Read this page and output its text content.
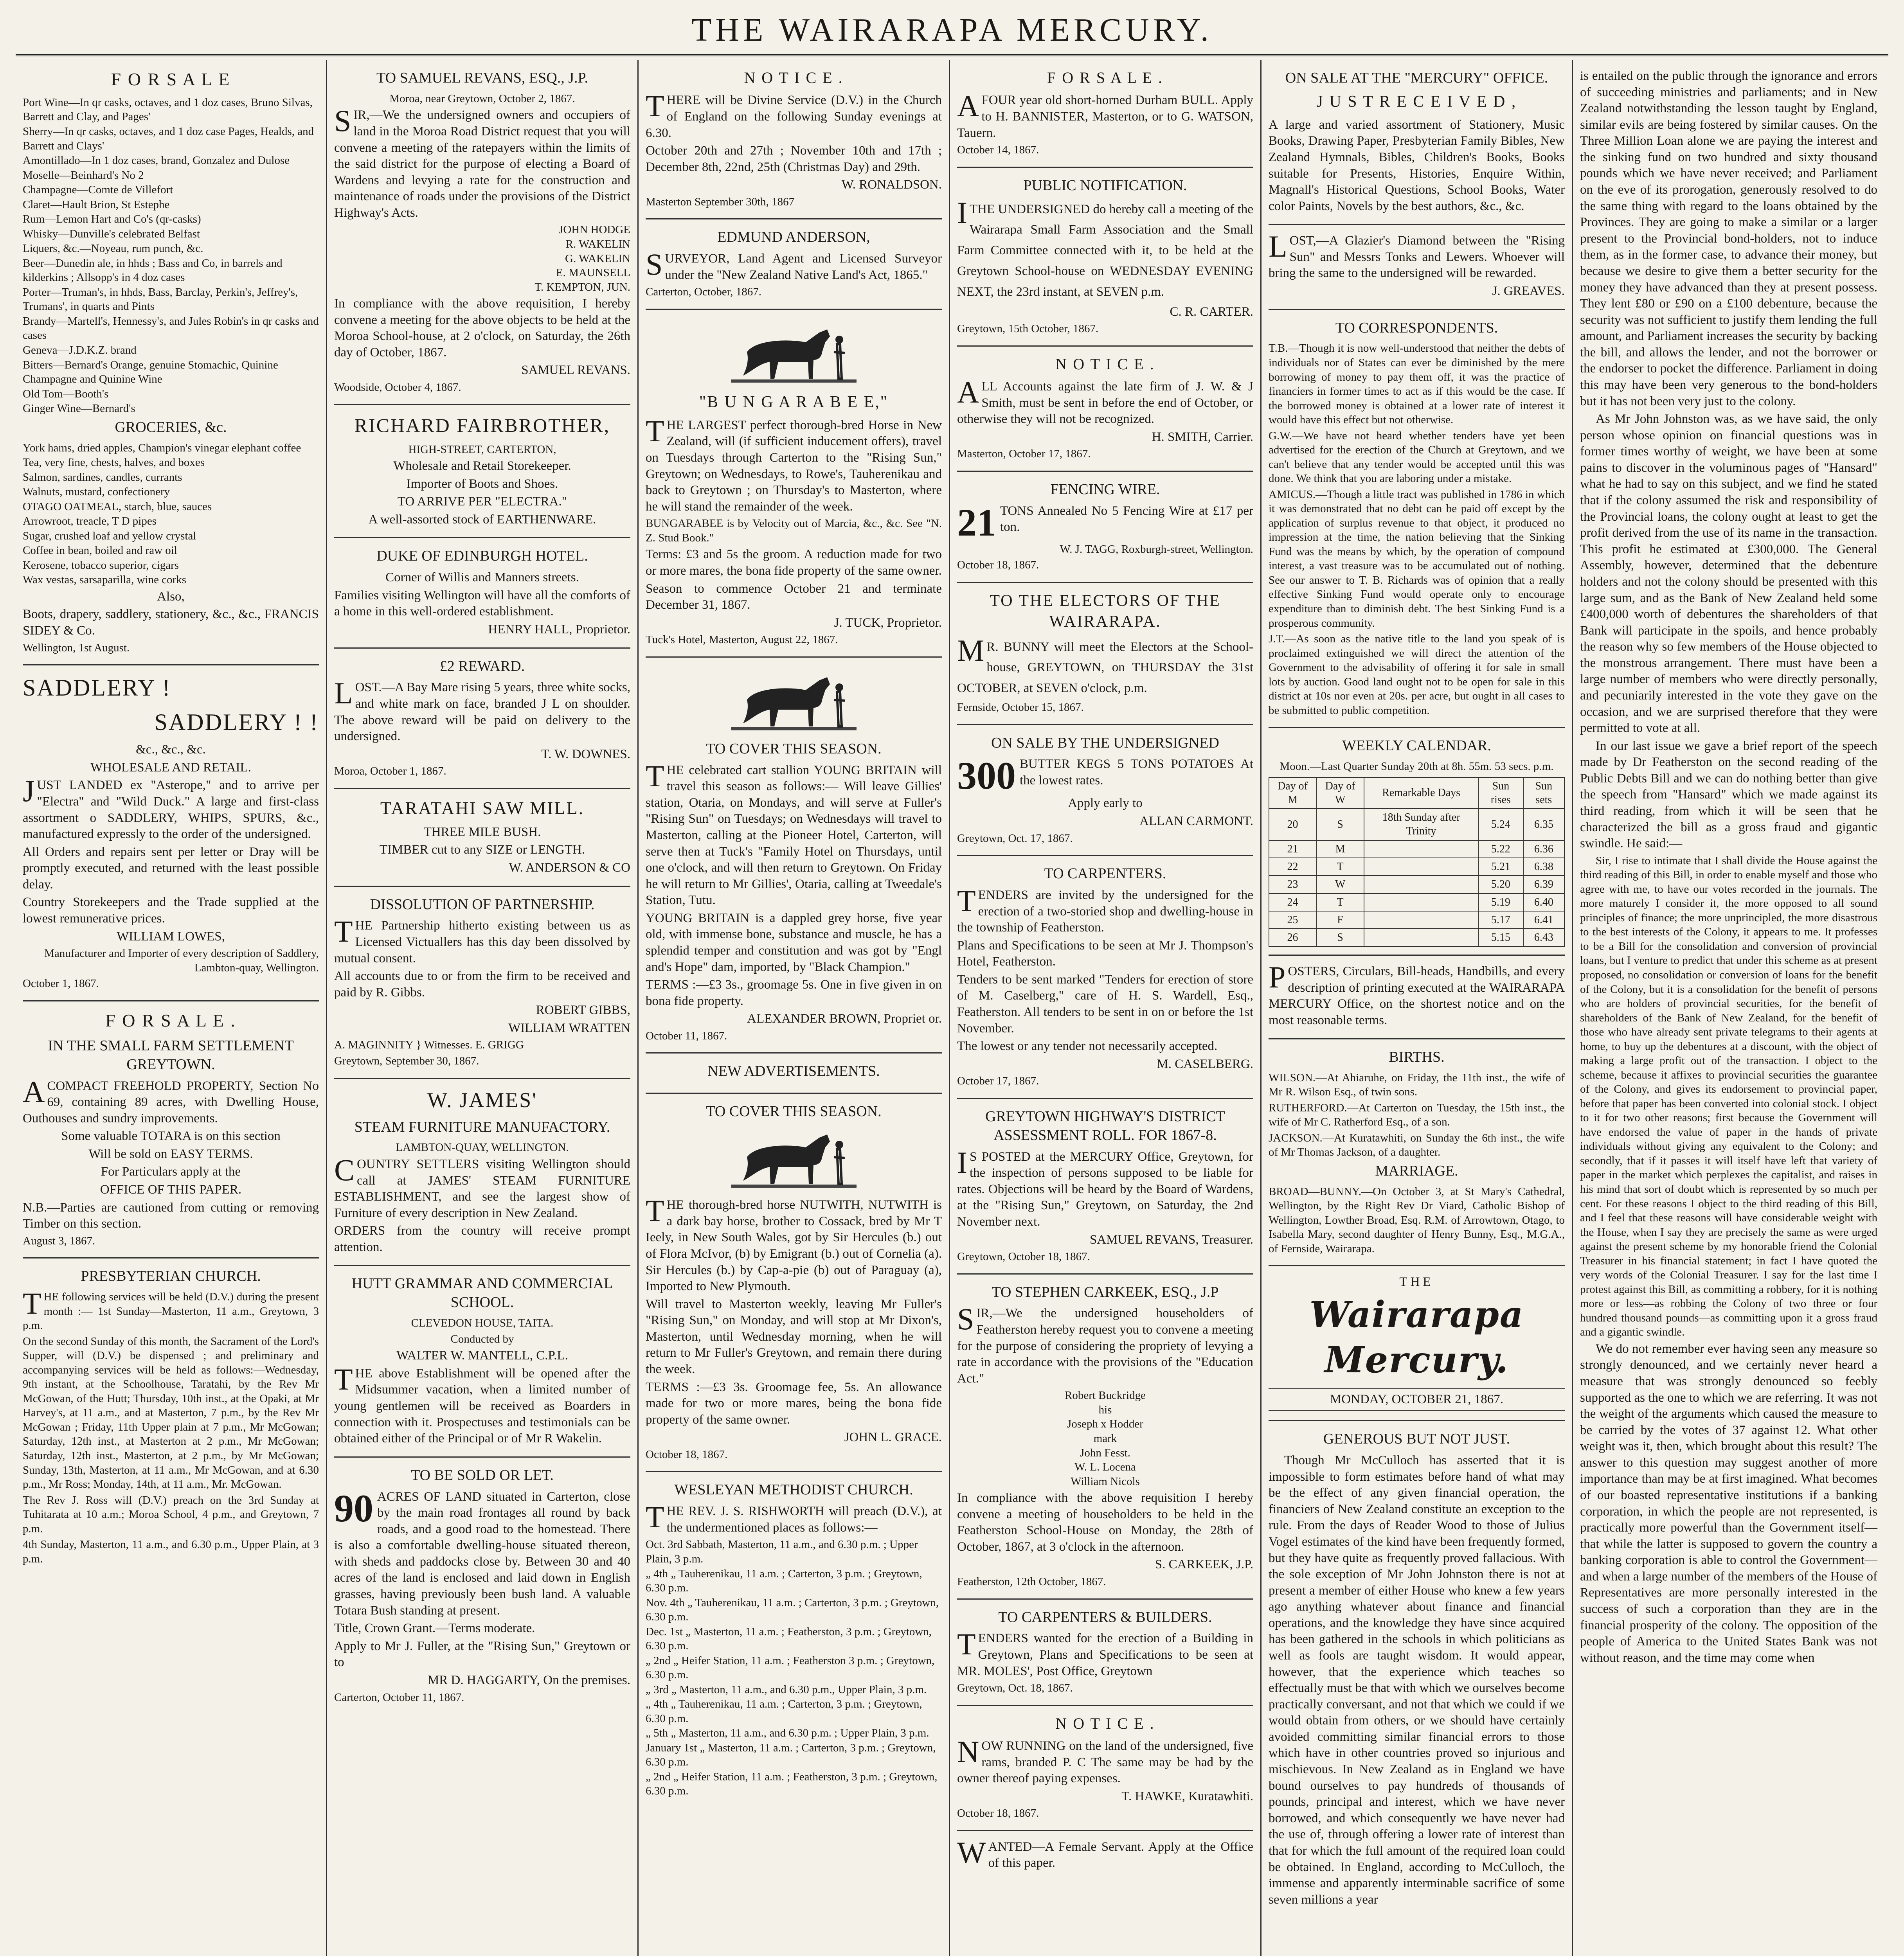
THE WAIRARAPA MERCURY.
F O R S A L E
Port Wine—In qr casks, octaves, and 1 doz cases, Bruno Silvas, Barrett and Clay, and Pages'
Sherry—In qr casks, octaves, and 1 doz case Pages, Healds, and Barrett and Clays'
Amontillado—In 1 doz cases, brand, Gonzalez and Dulose
Moselle—Beinhard's No 2
Champagne—Comte de Villefort
Claret—Hault Brion, St Estephe
Rum—Lemon Hart and Co's (qr-casks)
Whisky—Dunville's celebrated Belfast
Liquers, &c.—Noyeau, rum punch, &c.
Beer—Dunedin ale, in hhds ; Bass and Co, in barrels and kilderkins ; Allsopp's in 4 doz cases
Porter—Truman's, in hhds, Bass, Barclay, Perkin's, Jeffrey's, Trumans', in quarts and Pints
Brandy—Martell's, Hennessy's, and Jules Robin's in qr casks and cases
Geneva—J.D.K.Z. brand
Bitters—Bernard's Orange, genuine Stomachic, Quinine Champagne and Quinine Wine
Old Tom—Booth's
Ginger Wine—Bernard's
GROCERIES, &c.
York hams, dried apples, Champion's vinegar elephant coffee
Tea, very fine, chests, halves, and boxes
Salmon, sardines, candles, currants
Walnuts, mustard, confectionery
OTAGO OATMEAL, starch, blue, sauces
Arrowroot, treacle, T D pipes
Sugar, crushed loaf and yellow crystal
Coffee in bean, boiled and raw oil
Kerosene, tobacco superior, cigars
Wax vestas, sarsaparilla, wine corks

Also,

Boots, drapery, saddlery, stationery, &c., &c., FRANCIS SIDEY & Co.

Wellington, 1st August.

SADDLERY !
SADDLERY ! !

&c., &c., &c.

WHOLESALE AND RETAIL.

JUST LANDED ex "Asterope," and to arrive per "Electra" and "Wild Duck." A large and first-class assortment o SADDLERY, WHIPS, SPURS, &c., manufactured expressly to the order of the undersigned.

All Orders and repairs sent per letter or Dray will be promptly executed, and returned with the least possible delay.

Country Storekeepers and the Trade supplied at the lowest remunerative prices.

WILLIAM LOWES,

Manufacturer and Importer of every description of Saddlery, Lambton-quay, Wellington.

October 1, 1867.

F O R S A L E .
IN THE SMALL FARM SETTLEMENT GREYTOWN.

ACOMPACT FREEHOLD PROPERTY, Section No 69, containing 89 acres, with Dwelling House, Outhouses and sundry improvements.

Some valuable TOTARA is on this section

Will be sold on EASY TERMS.

For Particulars apply at the

OFFICE OF THIS PAPER.

N.B.—Parties are cautioned from cutting or removing Timber on this section.

August 3, 1867.

PRESBYTERIAN CHURCH.

THE following services will be held (D.V.) during the present month :— 1st Sunday—Masterton, 11 a.m., Greytown, 3 p.m.

On the second Sunday of this month, the Sacrament of the Lord's Supper, will (D.V.) be dispensed ; and preliminary and accompanying services will be held as follows:—Wednesday, 9th instant, at the Schoolhouse, Taratahi, by the Rev Mr McGowan, of the Hutt; Thursday, 10th inst., at the Opaki, at Mr Harvey's, at 11 a.m., and at Masterton, 7 p.m., by the Rev Mr McGowan ; Friday, 11th Upper plain at 7 p.m., Mr McGowan; Saturday, 12th inst., at Masterton at 2 p.m., Mr McGowan; Saturday, 12th inst., Masterton, at 2 p.m., by Mr McGowan; Sunday, 13th, Masterton, at 11 a.m., Mr McGowan, and at 6.30 p.m., Mr Ross; Monday, 14th, at 11 a.m., Mr. McGowan.

The Rev J. Ross will (D.V.) preach on the 3rd Sunday at Tuhitarata at 10 a.m.; Moroa School, 4 p.m., and Greytown, 7 p.m.

4th Sunday, Masterton, 11 a.m., and 6.30 p.m., Upper Plain, at 3 p.m.

TO SAMUEL REVANS, ESQ., J.P.

Moroa, near Greytown, October 2, 1867.

SIR,—We the undersigned owners and occupiers of land in the Moroa Road District request that you will convene a meeting of the ratepayers within the limits of the said district for the purpose of electing a Board of Wardens and levying a rate for the construction and maintenance of roads under the provisions of the District Highway's Acts.

JOHN HODGE
R. WAKELIN
G. WAKELIN
E. MAUNSELL
T. KEMPTON, JUN.

In compliance with the above requisition, I hereby convene a meeting for the above objects to be held at the Moroa School-house, at 2 o'clock, on Saturday, the 26th day of October, 1867.

SAMUEL REVANS.

Woodside, October 4, 1867.

RICHARD FAIRBROTHER,

HIGH-STREET, CARTERTON,

Wholesale and Retail Storekeeper.

Importer of Boots and Shoes.

TO ARRIVE PER "ELECTRA."

A well-assorted stock of EARTHENWARE.

DUKE OF EDINBURGH HOTEL.

Corner of Willis and Manners streets.

Families visiting Wellington will have all the comforts of a home in this well-ordered establishment.

HENRY HALL, Proprietor.

£2 REWARD.

LOST.—A Bay Mare rising 5 years, three white socks, and white mark on face, branded J L on shoulder. The above reward will be paid on delivery to the undersigned.

T. W. DOWNES.

Moroa, October 1, 1867.

TARATAHI SAW MILL.

THREE MILE BUSH.

TIMBER cut to any SIZE or LENGTH.

W. ANDERSON & CO

DISSOLUTION OF PARTNERSHIP.

THE Partnership hitherto existing between us as Licensed Victuallers has this day been dissolved by mutual consent.

All accounts due to or from the firm to be received and paid by R. Gibbs.

ROBERT GIBBS,

WILLIAM WRATTEN

A. MAGINNITY } Witnesses. E. GRIGG

Greytown, September 30, 1867.

W. JAMES'
STEAM FURNITURE MANUFACTORY.

LAMBTON-QUAY, WELLINGTON.

COUNTRY SETTLERS visiting Wellington should call at JAMES' STEAM FURNITURE ESTABLISHMENT, and see the largest show of Furniture of every description in New Zealand.

ORDERS from the country will receive prompt attention.

HUTT GRAMMAR AND COMMERCIAL SCHOOL.

CLEVEDON HOUSE, TAITA.

Conducted by

WALTER W. MANTELL, C.P.L.

THE above Establishment will be opened after the Midsummer vacation, when a limited number of young gentlemen will be received as Boarders in connection with it. Prospectuses and testimonials can be obtained either of the Principal or of Mr R Wakelin.

TO BE SOLD OR LET.

90 ACRES OF LAND situated in Carterton, close by the main road frontages all round by back roads, and a good road to the homestead. There is also a comfortable dwelling-house situated thereon, with sheds and paddocks close by. Between 30 and 40 acres of the land is enclosed and laid down in English grasses, having previously been bush land. A valuable Totara Bush standing at present.

Title, Crown Grant.—Terms moderate.

Apply to Mr J. Fuller, at the "Rising Sun," Greytown or to

MR D. HAGGARTY, On the premises.

Carterton, October 11, 1867.

N O T I C E .

THERE will be Divine Service (D.V.) in the Church of England on the following Sunday evenings at 6.30.

October 20th and 27th ; November 10th and 17th ; December 8th, 22nd, 25th (Christmas Day) and 29th.

W. RONALDSON.

Masterton September 30th, 1867

EDMUND ANDERSON,

SURVEYOR, Land Agent and Licensed Surveyor under the "New Zealand Native Land's Act, 1865."

Carterton, October, 1867.

"B U N G A R A B E E,"

THE LARGEST perfect thorough-bred Horse in New Zealand, will (if sufficient inducement offers), travel on Tuesdays through Carterton to the "Rising Sun," Greytown; on Wednesdays, to Rowe's, Tauherenikau and back to Greytown ; on Thursday's to Masterton, where he will stand the remainder of the week.

BUNGARABEE is by Velocity out of Marcia, &c., &c. See "N. Z. Stud Book."

Terms: £3 and 5s the groom. A reduction made for two or more mares, the bona fide property of the same owner.

Season to commence October 21 and terminate December 31, 1867.

J. TUCK, Proprietor.

Tuck's Hotel, Masterton, August 22, 1867.

TO COVER THIS SEASON.

THE celebrated cart stallion YOUNG BRITAIN will travel this season as follows:— Will leave Gillies' station, Otaria, on Mondays, and will serve at Fuller's "Rising Sun" on Tuesdays; on Wednesdays will travel to Masterton, calling at the Pioneer Hotel, Carterton, will serve then at Tuck's "Family Hotel on Thursdays, until one o'clock, and will then return to Greytown. On Friday he will return to Mr Gillies', Otaria, calling at Tweedale's Station, Tutu.

YOUNG BRITAIN is a dappled grey horse, five year old, with immense bone, substance and muscle, he has a splendid temper and constitution and was got by "Engl and's Hope" dam, imported, by "Black Champion."

TERMS :—£3 3s., groomage 5s. One in five given in on bona fide property.

ALEXANDER BROWN, Propriet or.

October 11, 1867.

NEW ADVERTISEMENTS.
TO COVER THIS SEASON.

THE thorough-bred horse NUTWITH, NUTWITH is a dark bay horse, brother to Cossack, bred by Mr T Ieely, in New South Wales, got by Sir Hercules (b.) out of Flora McIvor, (b) by Emigrant (b.) out of Cornelia (a). Sir Hercules (b.) by Cap-a-pie (b) out of Paraguay (a), Imported to New Plymouth.

Will travel to Masterton weekly, leaving Mr Fuller's "Rising Sun," on Monday, and will stop at Mr Dixon's, Masterton, until Wednesday morning, when he will return to Mr Fuller's Greytown, and remain there during the week.

TERMS :—£3 3s. Groomage fee, 5s. An allowance made for two or more mares, being the bona fide property of the same owner.

JOHN L. GRACE.

October 18, 1867.

WESLEYAN METHODIST CHURCH.

THE REV. J. S. RISHWORTH will preach (D.V.), at the undermentioned places as follows:—

Oct. 3rd Sabbath, Masterton, 11 a.m., and 6.30 p.m. ; Upper Plain, 3 p.m.
„ 4th „ Tauherenikau, 11 a.m. ; Carterton, 3 p.m. ; Greytown, 6.30 p.m.
Nov. 4th „ Tauherenikau, 11 a.m. ; Carterton, 3 p.m. ; Greytown, 6.30 p.m.
Dec. 1st „ Masterton, 11 a.m. ; Featherston, 3 p.m. ; Greytown, 6.30 p.m.
„ 2nd „ Heifer Station, 11 a.m. ; Featherston 3 p.m. ; Greytown, 6.30 p.m.
„ 3rd „ Masterton, 11 a.m., and 6.30 p.m., Upper Plain, 3 p.m.
„ 4th „ Tauherenikau, 11 a.m. ; Carterton, 3 p.m. ; Greytown, 6.30 p.m.
„ 5th „ Masterton, 11 a.m., and 6.30 p.m. ; Upper Plain, 3 p.m.
January 1st „ Masterton, 11 a.m. ; Carterton, 3 p.m. ; Greytown, 6.30 p.m.
„ 2nd „ Heifer Station, 11 a.m. ; Featherston, 3 p.m. ; Greytown, 6.30 p.m.
F O R S A L E .

AFOUR year old short-horned Durham BULL. Apply to H. BANNISTER, Masterton, or to G. WATSON, Tauern.

October 14, 1867.

PUBLIC NOTIFICATION.

ITHE UNDERSIGNED do hereby call a meeting of the Wairarapa Small Farm Association and the Small Farm Committee connected with it, to be held at the Greytown School-house on WEDNESDAY EVENING NEXT, the 23rd instant, at SEVEN p.m.

C. R. CARTER.

Greytown, 15th October, 1867.

N O T I C E .

ALL Accounts against the late firm of J. W. & J Smith, must be sent in before the end of October, or otherwise they will not be recognized.

H. SMITH, Carrier.

Masterton, October 17, 1867.

FENCING WIRE.

21 TONS Annealed No 5 Fencing Wire at £17 per ton.

W. J. TAGG, Roxburgh-street, Wellington.

October 18, 1867.

TO THE ELECTORS OF THE WAIRARAPA.

MR. BUNNY will meet the Electors at the School-house, GREYTOWN, on THURSDAY the 31st OCTOBER, at SEVEN o'clock, p.m.

Fernside, October 15, 1867.

ON SALE BY THE UNDERSIGNED

300 BUTTER KEGS 5 TONS POTATOES At the lowest rates.

Apply early to

ALLAN CARMONT.

Greytown, Oct. 17, 1867.

TO CARPENTERS.

TENDERS are invited by the undersigned for the erection of a two-storied shop and dwelling-house in the township of Featherston.

Plans and Specifications to be seen at Mr J. Thompson's Hotel, Featherston.

Tenders to be sent marked "Tenders for erection of store of M. Caselberg," care of H. S. Wardell, Esq., Featherston. All tenders to be sent in on or before the 1st November.

The lowest or any tender not necessarily accepted.

M. CASELBERG.

October 17, 1867.

GREYTOWN HIGHWAY'S DISTRICT ASSESSMENT ROLL. FOR 1867-8.

IS POSTED at the MERCURY Office, Greytown, for the inspection of persons supposed to be liable for rates. Objections will be heard by the Board of Wardens, at the "Rising Sun," Greytown, on Saturday, the 2nd November next.

SAMUEL REVANS, Treasurer.

Greytown, October 18, 1867.

TO STEPHEN CARKEEK, ESQ., J.P

SIR,—We the undersigned householders of Featherston hereby request you to convene a meeting for the purpose of considering the propriety of levying a rate in accordance with the provisions of the "Education Act."

Robert Buckridge
his
Joseph x Hodder
mark
John Fesst.
W. L. Locena
William Nicols

In compliance with the above requisition I hereby convene a meeting of householders to be held in the Featherston School-House on Monday, the 28th of October, 1867, at 3 o'clock in the afternoon.

S. CARKEEK, J.P.

Featherston, 12th October, 1867.

TO CARPENTERS & BUILDERS.

TENDERS wanted for the erection of a Building in Greytown, Plans and Specifications to be seen at MR. MOLES', Post Office, Greytown

Greytown, Oct. 18, 1867.

N O T I C E .

NOW RUNNING on the land of the undersigned, five rams, branded P. C The same may be had by the owner thereof paying expenses.

T. HAWKE, Kuratawhiti.

October 18, 1867.

WANTED—A Female Servant. Apply at the Office of this paper.

ON SALE AT THE "MERCURY" OFFICE.
J U S T R E C E I V E D ,

A large and varied assortment of Stationery, Music Books, Drawing Paper, Presbyterian Family Bibles, New Zealand Hymnals, Bibles, Children's Books, Books suitable for Presents, Histories, Enquire Within, Magnall's Historical Questions, School Books, Water color Paints, Novels by the best authors, &c., &c.

LOST,—A Glazier's Diamond between the "Rising Sun" and Messrs Tonks and Lewers. Whoever will bring the same to the undersigned will be rewarded.

J. GREAVES.

TO CORRESPONDENTS.

T.B.—Though it is now well-understood that neither the debts of individuals nor of States can ever be diminished by the mere borrowing of money to pay them off, it was the practice of financiers in former times to act as if this would be the case. If the borrowed money is obtained at a lower rate of interest it would have this effect but not otherwise.

G.W.—We have not heard whether tenders have yet been advertised for the erection of the Church at Greytown, and we can't believe that any tender would be accepted until this was done. We think that you are laboring under a mistake.

AMICUS.—Though a little tract was published in 1786 in which it was demonstrated that no debt can be paid off except by the application of surplus revenue to that object, it produced no impression at the time, the nation believing that the Sinking Fund was the means by which, by the operation of compound interest, a vast treasure was to be accumulated out of nothing. See our answer to T. B. Richards was of opinion that a really effective Sinking Fund would operate only to encourage expenditure than to diminish debt. The best Sinking Fund is a prosperous community.

J.T.—As soon as the native title to the land you speak of is proclaimed extinguished we will direct the attention of the Government to the advisability of offering it for sale in small lots by auction. Good land ought not to be open for sale in this district at 10s nor even at 20s. per acre, but ought in all cases to be submitted to public competition.

WEEKLY CALENDAR.

Moon.—Last Quarter Sunday 20th at 8h. 55m. 53 secs. p.m.

Day of M	Day of W	Remarkable Days	Sun rises	Sun sets
20	S	18th Sunday after Trinity	5.24	6.35
21	M		5.22	6.36
22	T		5.21	6.38
23	W		5.20	6.39
24	T		5.19	6.40
25	F		5.17	6.41
26	S		5.15	6.43

POSTERS, Circulars, Bill-heads, Handbills, and every description of printing executed at the WAIRARAPA MERCURY Office, on the shortest notice and on the most reasonable terms.

BIRTHS.

WILSON.—At Ahiaruhe, on Friday, the 11th inst., the wife of Mr R. Wilson Esq., of twin sons.

RUTHERFORD.—At Carterton on Tuesday, the 15th inst., the wife of Mr C. Ratherford Esq., of a son.

JACKSON.—At Kuratawhiti, on Sunday the 6th inst., the wife of Mr Thomas Jackson, of a daughter.

MARRIAGE.

BROAD—BUNNY.—On October 3, at St Mary's Cathedral, Wellington, by the Right Rev Dr Viard, Catholic Bishop of Wellington, Lowther Broad, Esq. R.M. of Arrowtown, Otago, to Isabella Mary, second daughter of Henry Bunny, Esq., M.G.A., of Fernside, Wairarapa.

THE

Wairarapa Mercury.

MONDAY, OCTOBER 21, 1867.

GENEROUS BUT NOT JUST.

Though Mr McCulloch has asserted that it is impossible to form estimates before hand of what may be the effect of any given financial operation, the financiers of New Zealand constitute an exception to the rule. From the days of Reader Wood to those of Julius Vogel estimates of the kind have been frequently formed, but they have quite as frequently proved fallacious. With the sole exception of Mr John Johnston there is not at present a member of either House who knew a few years ago anything whatever about finance and financial operations, and the knowledge they have since acquired has been gathered in the schools in which politicians as well as fools are taught wisdom. It would appear, however, that the experience which teaches so effectually must be that with which we ourselves become practically conversant, and not that which we could if we would obtain from others, or we should have certainly avoided committing similar financial errors to those which have in other countries proved so injurious and mischievous. In New Zealand as in England we have bound ourselves to pay hundreds of thousands of pounds, principal and interest, which we have never borrowed, and which consequently we have never had the use of, through offering a lower rate of interest than that for which the full amount of the required loan could be obtained. In England, according to McCulloch, the immense and apparently interminable sacrifice of some seven millions a year

is entailed on the public through the ignorance and errors of succeeding ministries and parliaments; and in New Zealand notwithstanding the lesson taught by England, similar evils are being fostered by similar causes. On the Three Million Loan alone we are paying the interest and the sinking fund on two hundred and sixty thousand pounds which we have never received; and Parliament on the eve of its prorogation, generously resolved to do the same thing with regard to the loans obtained by the Provinces. They are going to make a similar or a larger present to the Provincial bond-holders, not to induce them, as in the former case, to advance their money, but because we desire to give them a better security for the money they have advanced than they at present possess. They lent £80 or £90 on a £100 debenture, because the security was not sufficient to justify them lending the full amount, and Parliament increases the security by backing the bill, and allows the lender, and not the borrower or the endorser to pocket the difference. Parliament in doing this may have been very generous to the bond-holders but it has not been very just to the colony.

As Mr John Johnston was, as we have said, the only person whose opinion on financial questions was in former times worthy of weight, we have been at some pains to discover in the voluminous pages of "Hansard" what he had to say on this subject, and we find he stated that if the colony assumed the risk and responsibility of the Provincial loans, the colony ought at least to get the profit derived from the use of its name in the transaction. This profit he estimated at £300,000. The General Assembly, however, determined that the debenture holders and not the colony should be presented with this large sum, and as the Bank of New Zealand held some £400,000 worth of debentures the shareholders of that Bank will participate in the spoils, and hence probably the reason why so few members of the House objected to the monstrous arrangement. There must have been a large number of members who were directly personally, and pecuniarily interested in the vote they gave on the occasion, and we are surprised therefore that they were permitted to vote at all.

In our last issue we gave a brief report of the speech made by Dr Featherston on the second reading of the Public Debts Bill and we can do nothing better than give the speech from "Hansard" which we made against its third reading, from which it will be seen that he characterized the bill as a gross fraud and gigantic swindle. He said:—

Sir, I rise to intimate that I shall divide the House against the third reading of this Bill, in order to enable myself and those who agree with me, to have our votes recorded in the journals. The more maturely I consider it, the more opposed to all sound principles of finance; the more unprincipled, the more disastrous to the best interests of the Colony, it appears to me. It professes to be a Bill for the consolidation and conversion of provincial loans, but I venture to predict that under this scheme as at present proposed, no consolidation or conversion of loans for the benefit of the Colony, but it is a consolidation for the benefit of persons who are holders of provincial securities, for the benefit of shareholders of the Bank of New Zealand, for the benefit of those who have already sent private telegrams to their agents at home, to buy up the debentures at a discount, with the object of making a large profit out of the transaction. I object to the scheme, because it affixes to provincial securities the guarantee of the Colony, and gives its endorsement to provincial paper, before that paper has been converted into colonial stock. I object to it for two other reasons; first because the Government will have endorsed the value of paper in the hands of private individuals without giving any equivalent to the Colony; and secondly, that if it passes it will itself have left that variety of paper in the market which perplexes the capitalist, and raises in his mind that sort of doubt which is represented by so much per cent. For these reasons I object to the third reading of this Bill, and I feel that these reasons will have considerable weight with the House, when I say they are precisely the same as were urged against the present scheme by my honorable friend the Colonial Treasurer in his financial statement; in fact I have quoted the very words of the Colonial Treasurer. I say for the last time I protest against this Bill, as committing a robbery, for it is nothing more or less—as robbing the Colony of two three or four hundred thousand pounds—as committing upon it a gross fraud and a gigantic swindle.

We do not remember ever having seen any measure so strongly denounced, and we certainly never heard a measure that was strongly denounced so feebly supported as the one to which we are referring. It was not the weight of the arguments which caused the measure to be carried by the votes of 37 against 12. What other weight was it, then, which brought about this result? The answer to this question may suggest another of more importance than may be at first imagined. What becomes of our boasted representative institutions if a banking corporation, in which the people are not represented, is practically more powerful than the Government itself—that while the latter is supposed to govern the country a banking corporation is able to control the Government—and when a large number of the members of the House of Representatives are more personally interested in the success of such a corporation than they are in the financial prosperity of the colony. The opposition of the people of America to the United States Bank was not without reason, and the time may come when
